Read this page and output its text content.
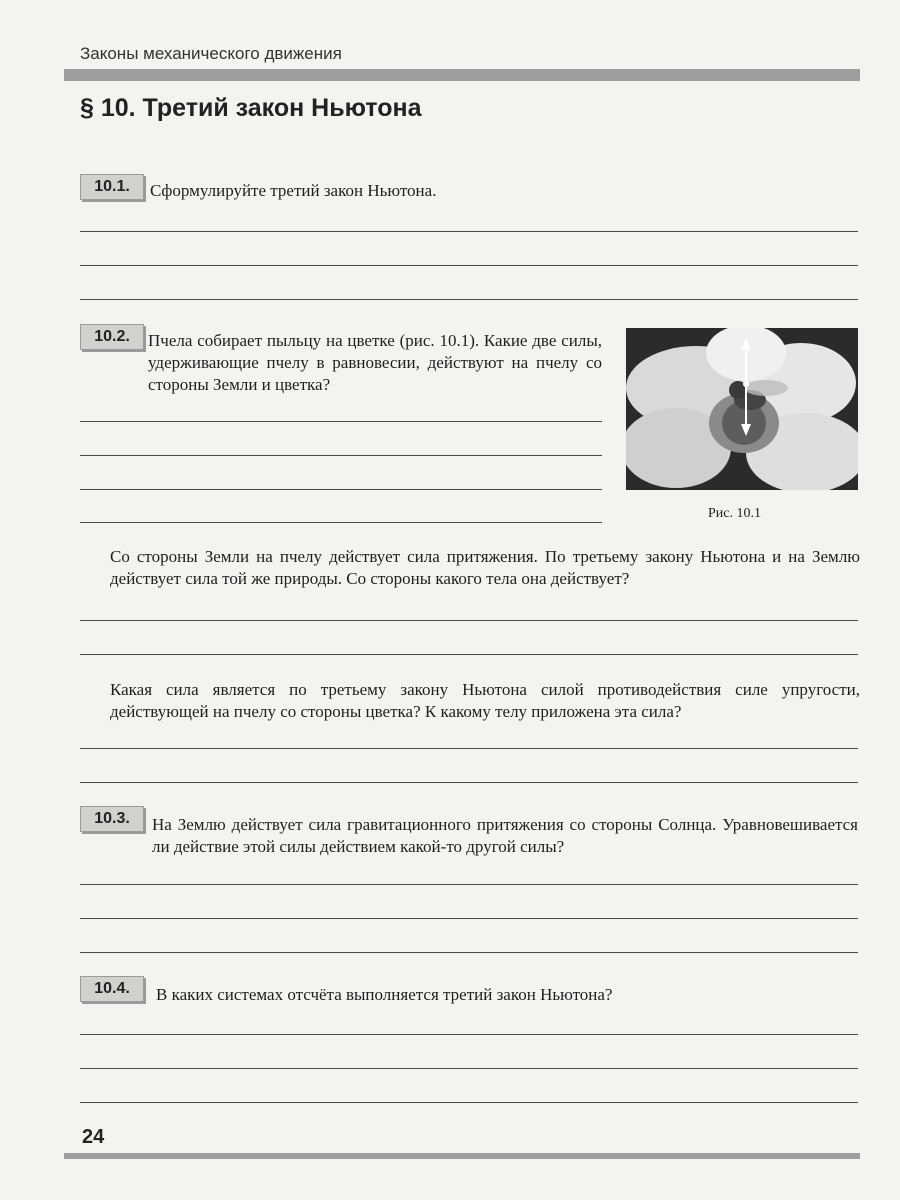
Законы механического движения
§ 10. Третий закон Ньютона
10.1.	Сформулируйте третий закон Ньютона.
10.2.	Пчела собирает пыльцу на цветке (рис. 10.1). Какие две силы, удерживающие пчелу в равновесии, действуют на пчелу со стороны Земли и цветка?
Рис. 10.1
Со стороны Земли на пчелу действует сила притяжения. По третьему закону Ньютона и на Землю действует сила той же природы. Со стороны какого тела она действует?
Какая сила является по третьему закону Ньютона силой противодействия силе упругости, действующей на пчелу со стороны цветка? К какому телу приложена эта сила?
10.3.	На Землю действует сила гравитационного притяжения со стороны Солнца. Уравновешивается ли действие этой силы действием какой-то другой силы?
10.4.	В каких системах отсчёта выполняется третий закон Ньютона?
24
